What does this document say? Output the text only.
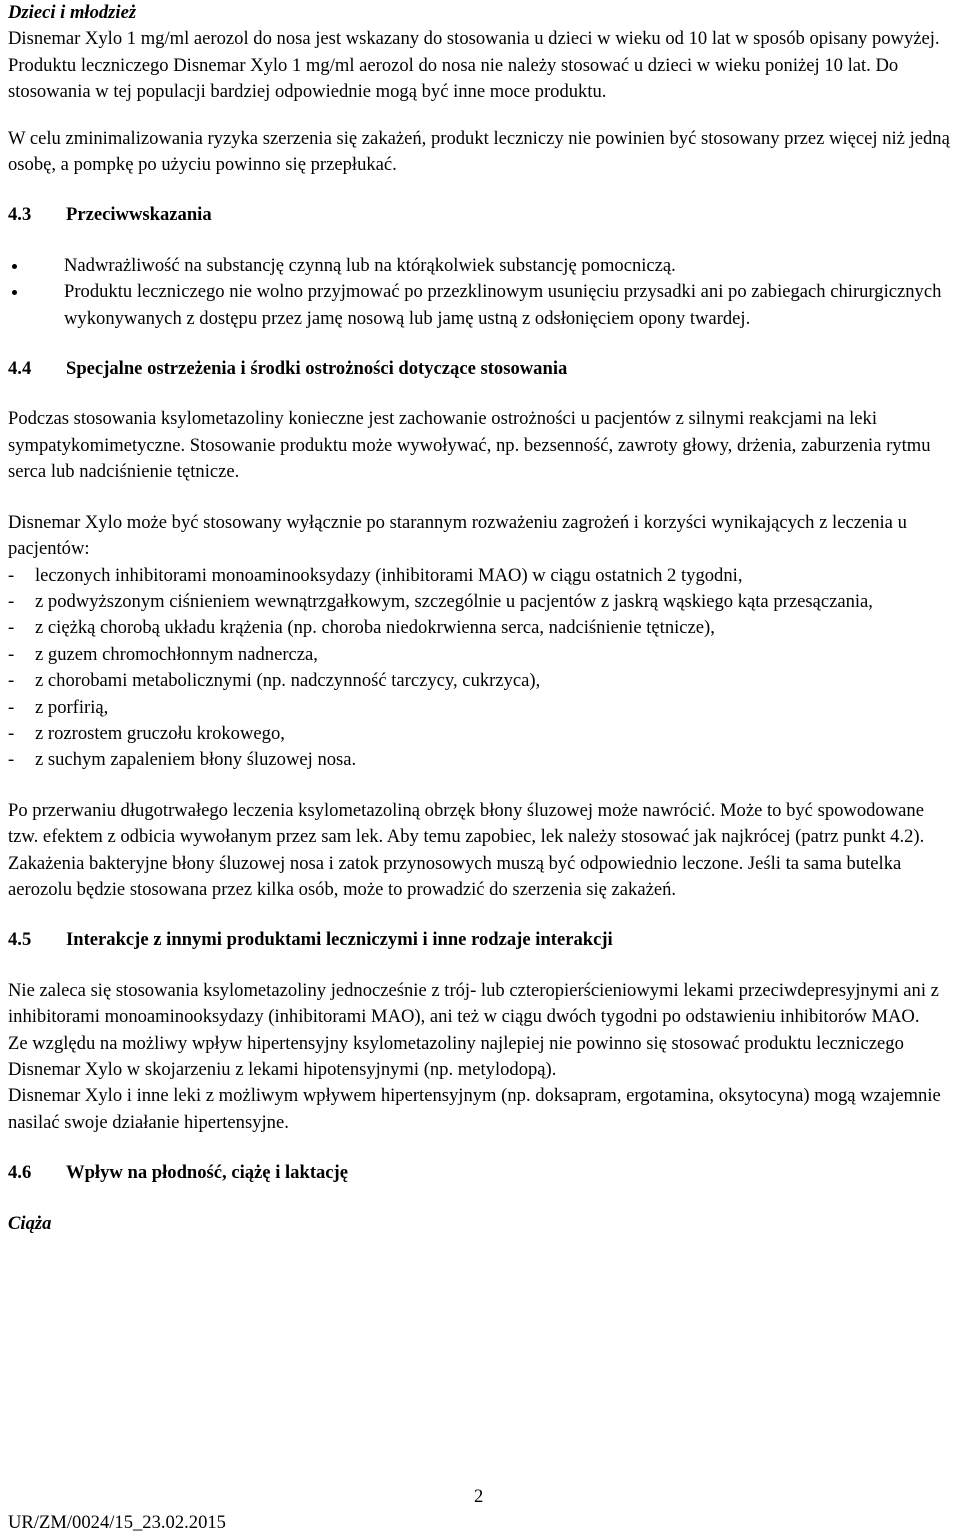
Dzieci i młodzież

Disnemar Xylo 1 mg/ml aerozol do nosa jest wskazany do stosowania u dzieci w wieku od 10 lat w sposób opisany powyżej.

Produktu leczniczego Disnemar Xylo 1 mg/ml aerozol do nosa nie należy stosować u dzieci w wieku poniżej 10 lat. Do stosowania w tej populacji bardziej odpowiednie mogą być inne moce produktu.

W celu zminimalizowania ryzyka szerzenia się zakażeń, produkt leczniczy nie powinien być stosowany przez więcej niż jedną osobę, a pompkę po użyciu powinno się przepłukać.

4.3 Przeciwwskazania

Nadwrażliwość na substancję czynną lub na którąkolwiek substancję pomocniczą.
Produktu leczniczego nie wolno przyjmować po przezklinowym usunięciu przysadki ani po zabiegach chirurgicznych wykonywanych z dostępu przez jamę nosową lub jamę ustną z odsłonięciem opony twardej.

4.4 Specjalne ostrzeżenia i środki ostrożności dotyczące stosowania

Podczas stosowania ksylometazoliny konieczne jest zachowanie ostrożności u pacjentów z silnymi reakcjami na leki sympatykomimetyczne. Stosowanie produktu może wywoływać, np. bezsenność, zawroty głowy, drżenia, zaburzenia rytmu serca lub nadciśnienie tętnicze.

Disnemar Xylo może być stosowany wyłącznie po starannym rozważeniu zagrożeń i korzyści wynikających z leczenia u pacjentów:

- leczonych inhibitorami monoaminooksydazy (inhibitorami MAO) w ciągu ostatnich 2 tygodni,
- z podwyższonym ciśnieniem wewnątrzgałkowym, szczególnie u pacjentów z jaskrą wąskiego kąta przesączania,
- z ciężką chorobą układu krążenia (np. choroba niedokrwienna serca, nadciśnienie tętnicze),
- z guzem chromochłonnym nadnercza,
- z chorobami metabolicznymi (np. nadczynność tarczycy, cukrzyca),
- z porfirią,
- z rozrostem gruczołu krokowego,
- z suchym zapaleniem błony śluzowej nosa.

Po przerwaniu długotrwałego leczenia ksylometazoliną obrzęk błony śluzowej może nawrócić. Może to być spowodowane tzw. efektem z odbicia wywołanym przez sam lek. Aby temu zapobiec, lek należy stosować jak najkrócej (patrz punkt 4.2). Zakażenia bakteryjne błony śluzowej nosa i zatok przynosowych muszą być odpowiednio leczone. Jeśli ta sama butelka aerozolu będzie stosowana przez kilka osób, może to prowadzić do szerzenia się zakażeń.

4.5 Interakcje z innymi produktami leczniczymi i inne rodzaje interakcji

Nie zaleca się stosowania ksylometazoliny jednocześnie z trój- lub czteropierścieniowymi lekami przeciwdepresyjnymi ani z inhibitorami monoaminooksydazy (inhibitorami MAO), ani też w ciągu dwóch tygodni po odstawieniu inhibitorów MAO.

Ze względu na możliwy wpływ hipertensyjny ksylometazoliny najlepiej nie powinno się stosować produktu leczniczego Disnemar Xylo w skojarzeniu z lekami hipotensyjnymi (np. metylodopą).

Disnemar Xylo i inne leki z możliwym wpływem hipertensyjnym (np. doksapram, ergotamina, oksytocyna) mogą wzajemnie nasilać swoje działanie hipertensyjne.

4.6 Wpływ na płodność, ciążę i laktację

Ciąża

2
UR/ZM/0024/15_23.02.2015
